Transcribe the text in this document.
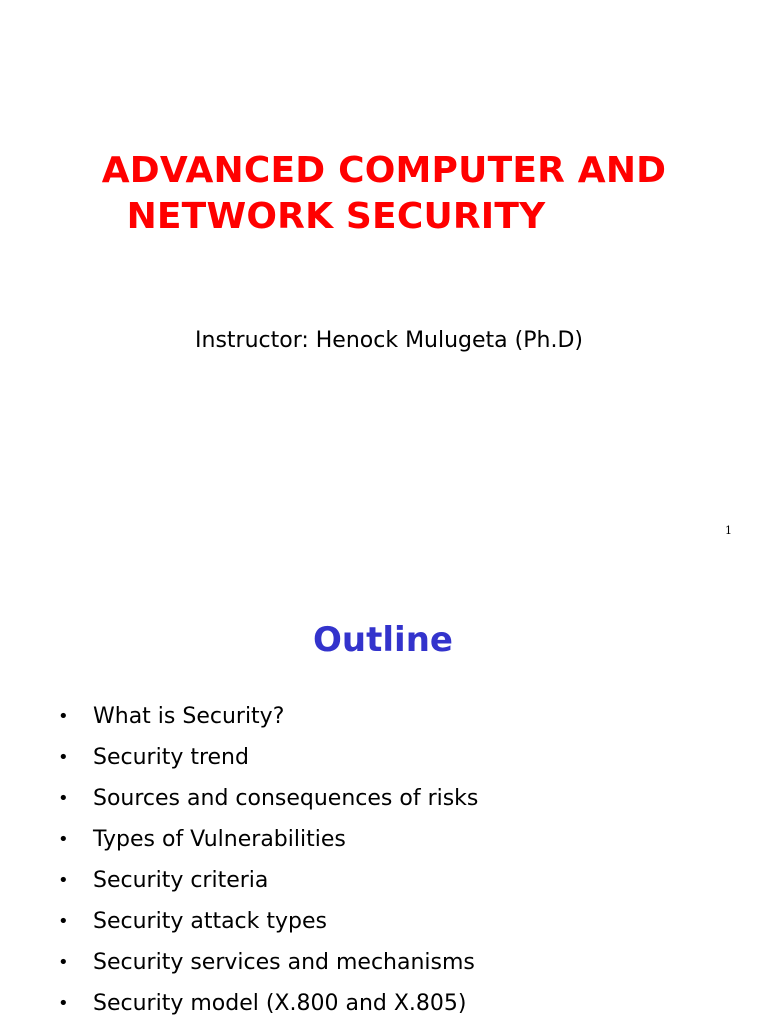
ADVANCED COMPUTER AND
NETWORK SECURITY

Instructor: Henock Mulugeta (Ph.D)

1
Outline
•	What is Security?
•	Security trend
•	Sources and consequences of risks
•	Types of Vulnerabilities
•	Security criteria
•	Security attack types
•	Security services and mechanisms
•	Security model (X.800 and X.805)
